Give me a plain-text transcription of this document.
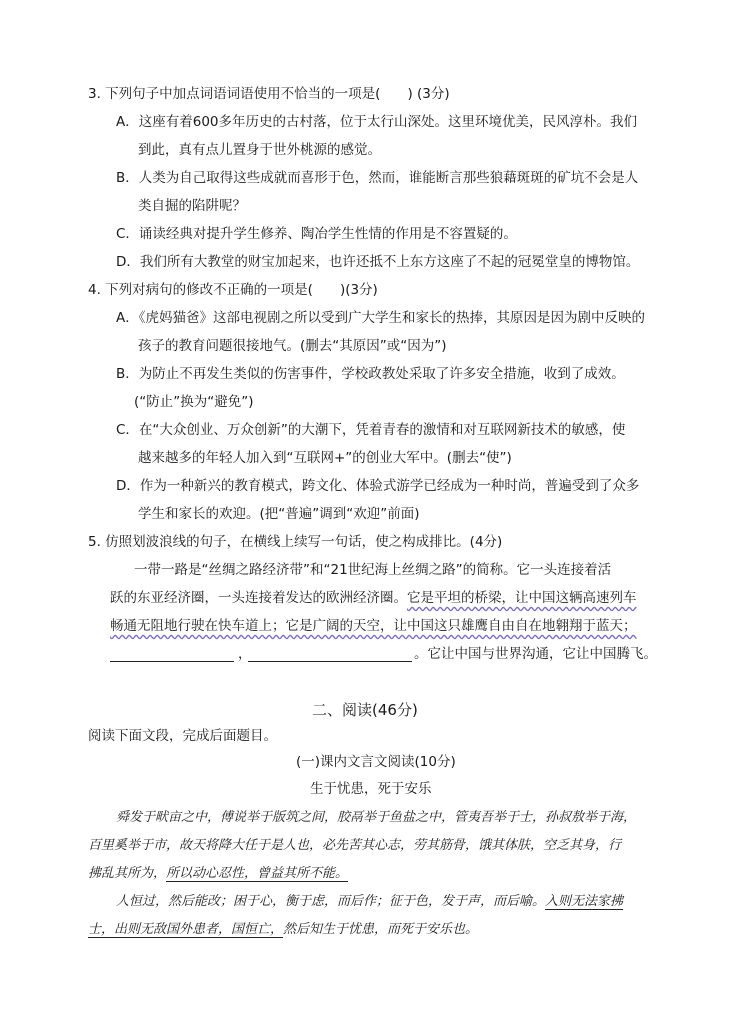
3. 下列句子中加点词语词语使用不恰当的一项是(　　) (3分)
A．这座有着600多年历史的古村落，位于太行山深处。这里环境优美，民风淳朴。我们
到此，真有点儿置身于世外桃源的感觉。
B．人类为自己取得这些成就而喜形于色，然而，谁能断言那些狼藉斑斑的矿坑不会是人
类自掘的陷阱呢？
C．诵读经典对提升学生修养、陶冶学生性情的作用是不容置疑的。
D．我们所有大教堂的财宝加起来，也许还抵不上东方这座了不起的冠冕堂皇的博物馆。
4. 下列对病句的修改不正确的一项是(　　)(3分)
A．《虎妈猫爸》这部电视剧之所以受到广大学生和家长的热捧，其原因是因为剧中反映的
孩子的教育问题很接地气。(删去“其原因”或“因为”)
B．为防止不再发生类似的伤害事件，学校政教处采取了许多安全措施，收到了成效。
(“防止”换为“避免”)
C．在“大众创业、万众创新”的大潮下，凭着青春的激情和对互联网新技术的敏感，使
越来越多的年轻人加入到“互联网+”的创业大军中。(删去“使”)
D．作为一种新兴的教育模式，跨文化、体验式游学已经成为一种时尚，普遍受到了众多
学生和家长的欢迎。(把“普遍”调到“欢迎”前面)
5. 仿照划波浪线的句子，在横线上续写一句话，使之构成排比。(4分)
一带一路是“丝绸之路经济带”和“21世纪海上丝绸之路”的简称。它一头连接着活
跃的东亚经济圈，一头连接着发达的欧洲经济圈。它是平坦的桥梁，让中国这辆高速列车
畅通无阻地行驶在快车道上；它是广阔的天空，让中国这只雄鹰自由自在地翱翔于蓝天；
，	。它让中国与世界沟通，它让中国腾飞。
二、阅读(46分)
阅读下面文段，完成后面题目。
(一)课内文言文阅读(10分)
生于忧患，死于安乐
舜发于畎亩之中，傅说举于版筑之间，胶鬲举于鱼盐之中，管夷吾举于士，孙叔敖举于海，
百里奚举于市，故天将降大任于是人也，必先苦其心志，劳其筋骨，饿其体肤，空乏其身，行
拂乱其所为，所以动心忍性，曾益其所不能。
人恒过，然后能改；困于心，衡于虑，而后作；征于色，发于声，而后喻。入则无法家拂
士，出则无敌国外患者，国恒亡，然后知生于忧患，而死于安乐也。
